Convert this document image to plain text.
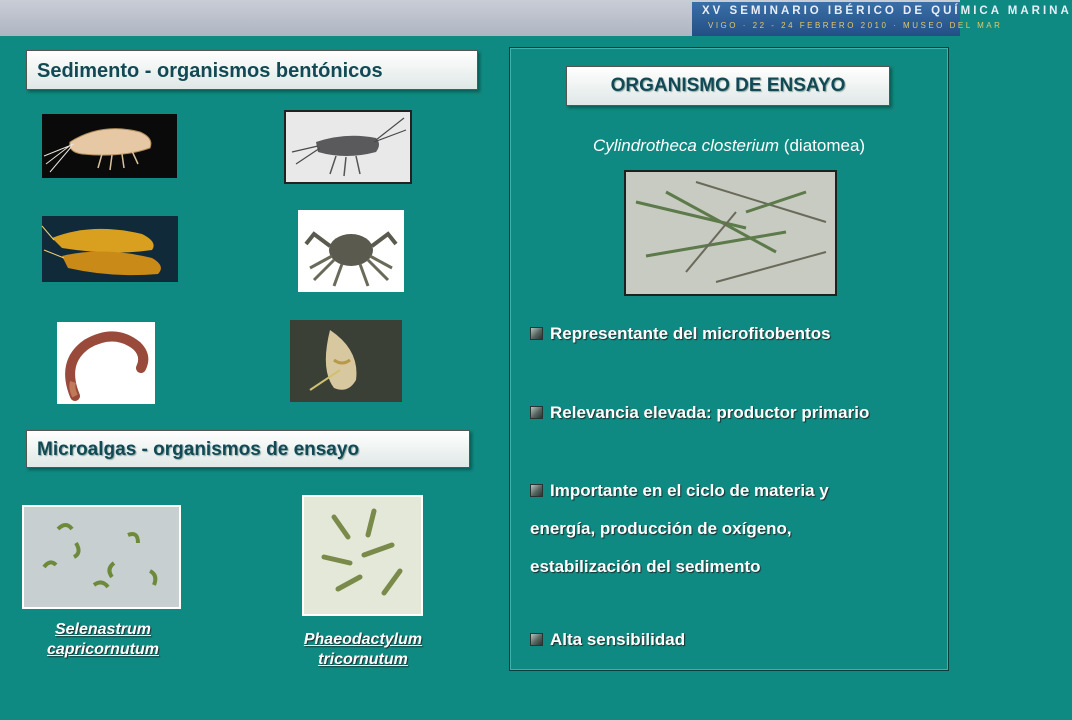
XV SEMINARIO IBÉRICO DE QUÍMICA MARINA
VIGO · 22 - 24 FEBRERO 2010 · MUSEO DEL MAR
Sedimento - organismos bentónicos
Microalgas - organismos de ensayo
Selenastrum
capricornutum
Phaeodactylum
tricornutum
ORGANISMO DE ENSAYO
Cylindrotheca closterium (diatomea)
Representante del microfitobentos
Relevancia elevada: productor primario
Importante en el ciclo de materia y
energía, producción de oxígeno,
estabilización del sedimento
Alta sensibilidad
